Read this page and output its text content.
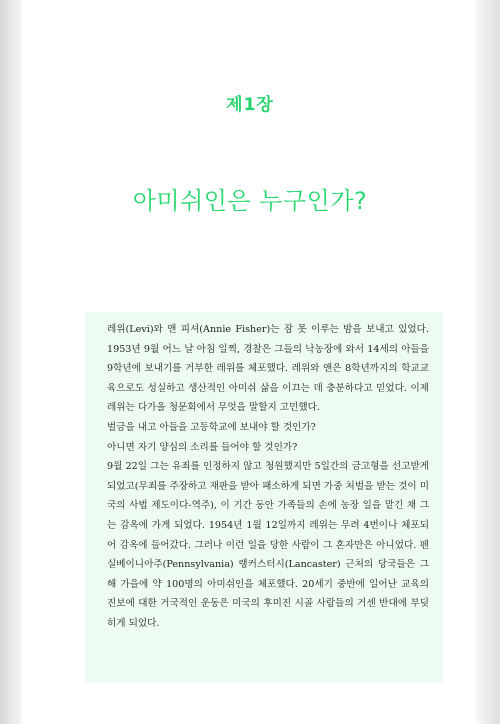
제1장
아미쉬인은 누구인가?

레위(Levi)와 앤 피셔(Annie Fisher)는 잠 못 이루는 밤을 보내고 있었다. 1953년 9월 어느 날 아침 일찍, 경찰은 그들의 낙농장에 와서 14세의 아들을 9학년에 보내기를 거부한 레위를 체포했다. 레위와 앤은 8학년까지의 학교교육으로도 성실하고 생산적인 아미쉬 삶을 이끄는 데 충분하다고 믿었다. 이제 레위는 다가올 청문회에서 무엇을 말할지 고민했다.

벌금을 내고 아들을 고등학교에 보내야 할 것인가?

아니면 자기 양심의 소리를 들어야 할 것인가?

9월 22일 그는 유죄를 인정하지 않고 청원했지만 5일간의 금고형을 선고받게 되었고(무죄를 주장하고 재판을 받아 패소하게 되면 가중 처벌을 받는 것이 미국의 사법 제도이다-역주), 이 기간 동안 가족들의 손에 농장 일을 맡긴 채 그는 감옥에 가게 되었다. 1954년 1월 12일까지 레위는 무려 4번이나 체포되어 감옥에 들어갔다. 그러나 이런 일을 당한 사람이 그 혼자만은 아니었다. 펜실베이니아주(Pennsylvania) 랭커스터시(Lancaster) 근처의 당국들은 그해 가을에 약 100명의 아미쉬인을 체포했다. 20세기 중반에 일어난 교육의 진보에 대한 거국적인 운동은 미국의 후미진 시골 사람들의 거센 반대에 부딪히게 되었다.
